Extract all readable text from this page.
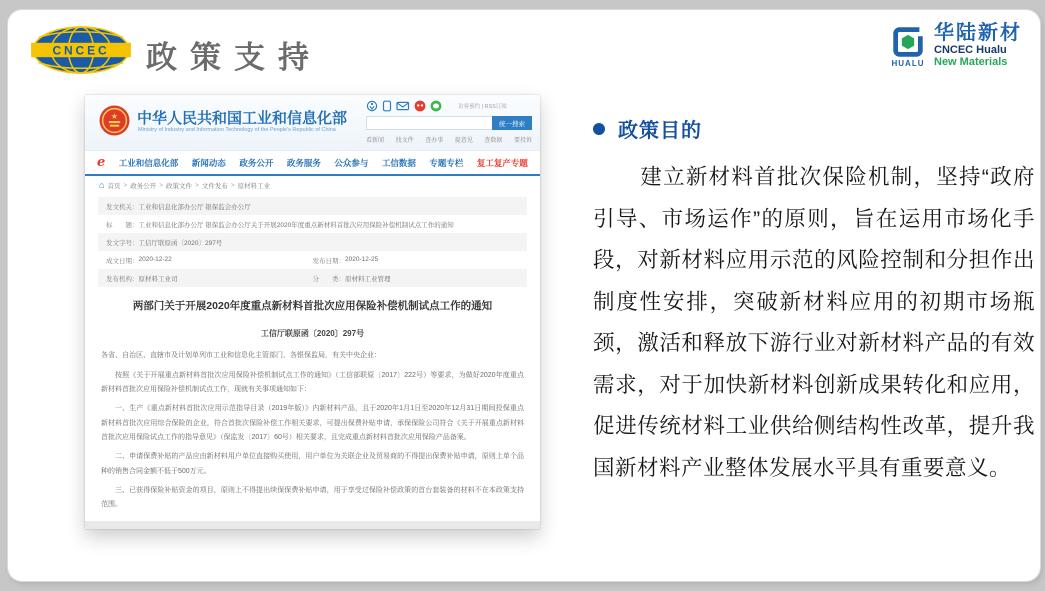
CNCEC 政策支持	HUALU
华陆新材
CNCEC Hualu
New Materials
★ 中华人民共和国工业和信息化部
Ministry of Industry and Information Technology of the People's Republic of China
访客预约 | RSS订阅
统一搜索
看新闻 找文件 查办事 提意见 查数据 要投诉
e 工业和信息化部 新闻动态 政务公开 政务服务 公众参与 工信数据 专题专栏 复工复产专题
⌂ 首页 > 政务公开 > 政策文件 > 文件发布 > 原材料工业
发文机关： 工业和信息化部办公厅 银保监会办公厅
标　　题： 工业和信息化部办公厅 银保监会办公厅关于开展2020年度重点新材料首批次应用保险补偿机制试点工作的通知
发文字号： 工信厅联原函〔2020〕297号
成文日期： 2020-12-22	发布日期： 2020-12-25
发布机构： 原材料工业司	分　　类： 原材料工业管理
两部门关于开展2020年度重点新材料首批次应用保险补偿机制试点工作的通知
工信厅联原函〔2020〕297号

各省、自治区、直辖市及计划单列市工业和信息化主管部门，各银保监局，有关中央企业：

按照《关于开展重点新材料首批次应用保险补偿机制试点工作的通知》（工信部联原〔2017〕222号）等要求，为做好2020年度重点新材料首批次应用保险补偿机制试点工作，现就有关事项通知如下：

一、生产《重点新材料首批次应用示范指导目录（2019年版）》内新材料产品，且于2020年1月1日至2020年12月31日期间投保重点新材料首批次应用综合保险的企业，符合首批次保险补偿工作相关要求，可提出保费补贴申请，承保保险公司符合《关于开展重点新材料首批次应用保险试点工作的指导意见》（保监发〔2017〕60号）相关要求，且完成重点新材料首批次应用保险产品备案。

二、申请保费补贴的产品应由新材料用户单位直接购买使用，用户单位为关联企业及贸易商的不得提出保费补贴申请，原则上单个品种的销售合同金额不低于500万元。

三、已获得保险补贴资金的项目，原则上不得提出续保保费补贴申请，用于享受过保险补偿政策的首台套装备的材料不在本政策支持范围。

政策目的
建立新材料首批次保险机制，坚持“政府引导、市场运作”的原则，旨在运用市场化手段，对新材料应用示范的风险控制和分担作出制度性安排，突破新材料应用的初期市场瓶颈，激活和释放下游行业对新材料产品的有效需求，对于加快新材料创新成果转化和应用，促进传统材料工业供给侧结构性改革，提升我国新材料产业整体发展水平具有重要意义。
